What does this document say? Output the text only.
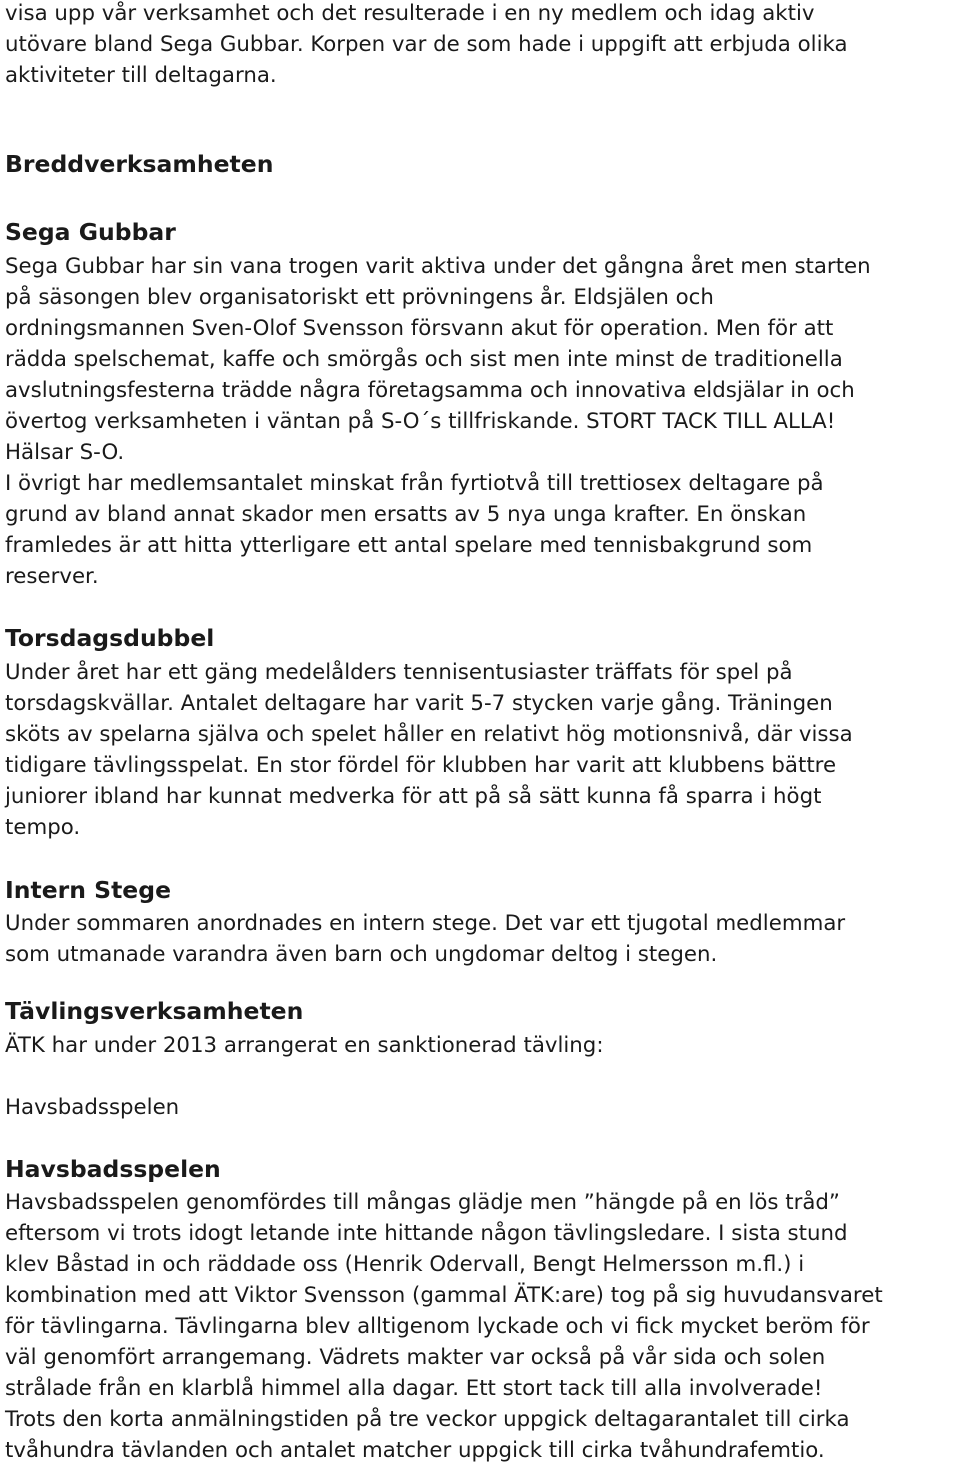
visa upp vår verksamhet och det resulterade i en ny medlem och idag aktiv
utövare bland Sega Gubbar. Korpen var de som hade i uppgift att erbjuda olika
aktiviteter till deltagarna.
Breddverksamheten
Sega Gubbar
Sega Gubbar har sin vana trogen varit aktiva under det gångna året men starten
på säsongen blev organisatoriskt ett prövningens år. Eldsjälen och
ordningsmannen Sven-Olof Svensson försvann akut för operation. Men för att
rädda spelschemat, kaffe och smörgås och sist men inte minst de traditionella
avslutningsfesterna trädde några företagsamma och innovativa eldsjälar in och
övertog verksamheten i väntan på S-O´s tillfriskande. STORT TACK TILL ALLA!
Hälsar S-O.
I övrigt har medlemsantalet minskat från fyrtiotvå till trettiosex deltagare på
grund av bland annat skador men ersatts av 5 nya unga krafter. En önskan
framledes är att hitta ytterligare ett antal spelare med tennisbakgrund som
reserver.
Torsdagsdubbel
Under året har ett gäng medelålders tennisentusiaster träffats för spel på
torsdagskvällar. Antalet deltagare har varit 5-7 stycken varje gång. Träningen
sköts av spelarna själva och spelet håller en relativt hög motionsnivå, där vissa
tidigare tävlingsspelat. En stor fördel för klubben har varit att klubbens bättre
juniorer ibland har kunnat medverka för att på så sätt kunna få sparra i högt
tempo.
Intern Stege
Under sommaren anordnades en intern stege. Det var ett tjugotal medlemmar
som utmanade varandra även barn och ungdomar deltog i stegen.
Tävlingsverksamheten
ÄTK har under 2013 arrangerat en sanktionerad tävling:
Havsbadsspelen
Havsbadsspelen
Havsbadsspelen genomfördes till mångas glädje men ”hängde på en lös tråd”
eftersom vi trots idogt letande inte hittande någon tävlingsledare. I sista stund
klev Båstad in och räddade oss (Henrik Odervall, Bengt Helmersson m.fl.) i
kombination med att Viktor Svensson (gammal ÄTK:are) tog på sig huvudansvaret
för tävlingarna. Tävlingarna blev alltigenom lyckade och vi fick mycket beröm för
väl genomfört arrangemang. Vädrets makter var också på vår sida och solen
strålade från en klarblå himmel alla dagar. Ett stort tack till alla involverade!
Trots den korta anmälningstiden på tre veckor uppgick deltagarantalet till cirka
tvåhundra tävlanden och antalet matcher uppgick till cirka tvåhundrafemtio.
